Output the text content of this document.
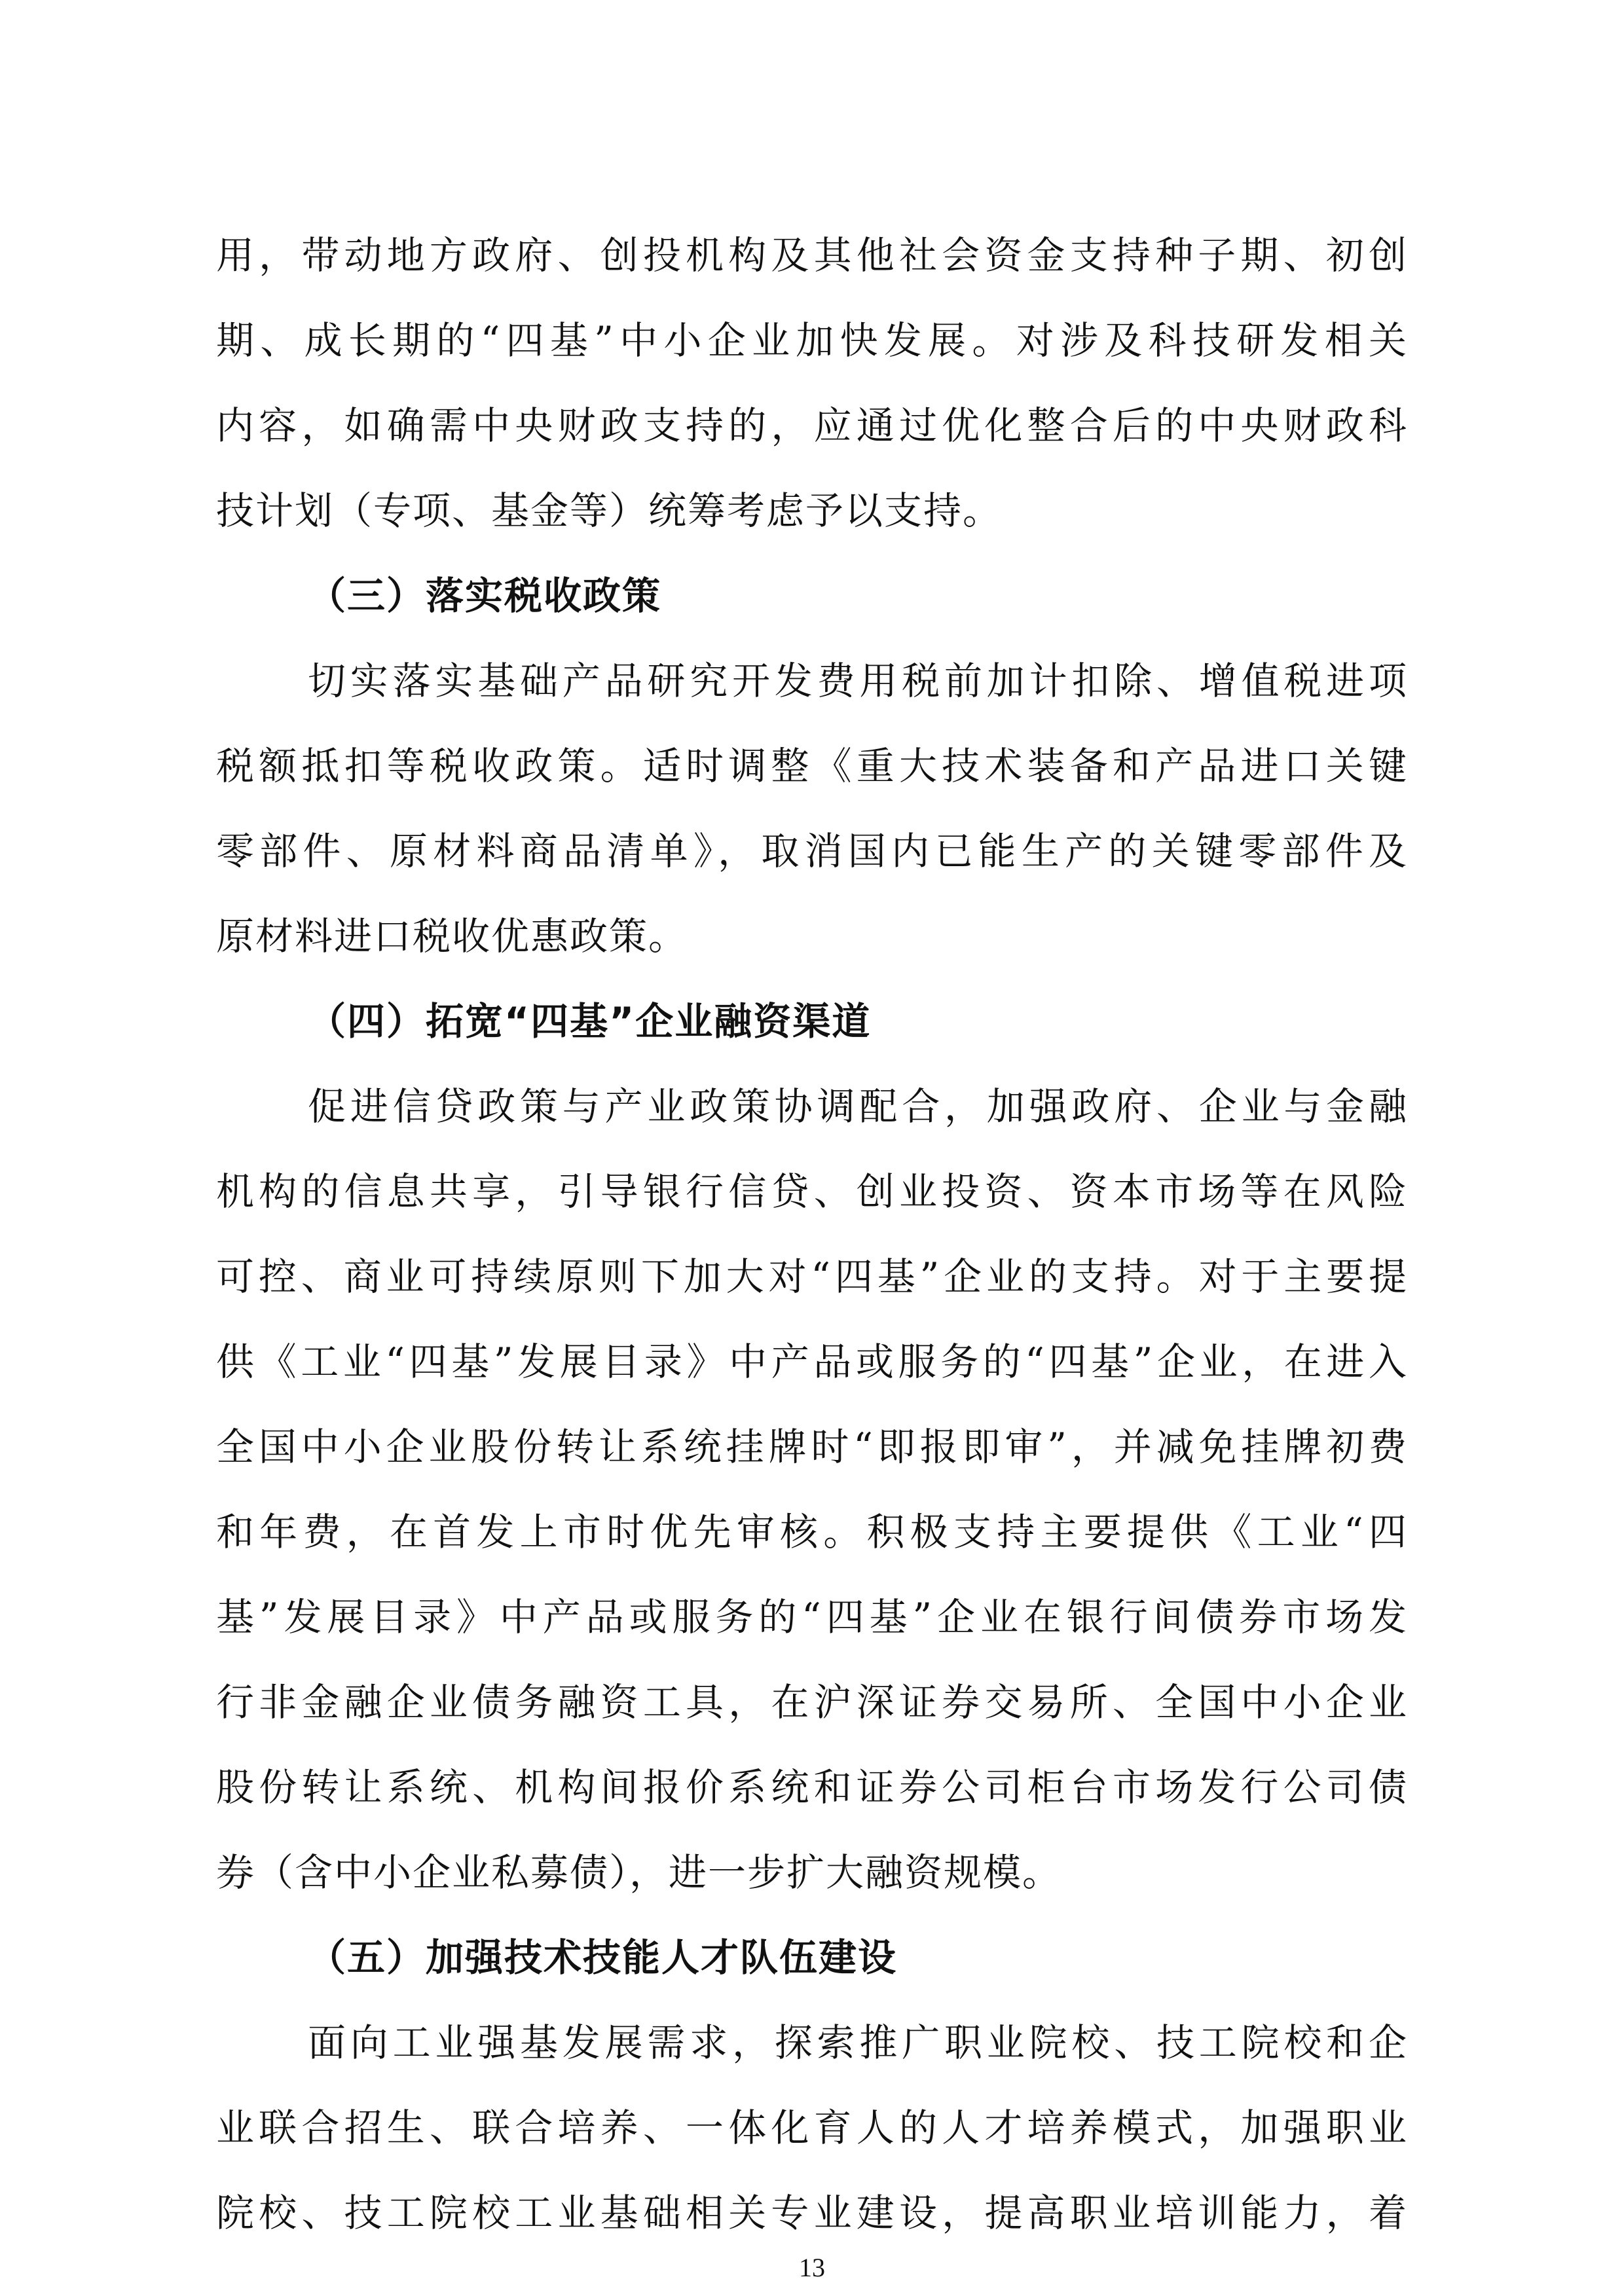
用，带动地方政府、创投机构及其他社会资金支持种子期、初创
期、成长期的“四基”中小企业加快发展。对涉及科技研发相关
内容，如确需中央财政支持的，应通过优化整合后的中央财政科
技计划（专项、基金等）统筹考虑予以支持。
（三）落实税收政策
切实落实基础产品研究开发费用税前加计扣除、增值税进项
税额抵扣等税收政策。适时调整《重大技术装备和产品进口关键
零部件、原材料商品清单》，取消国内已能生产的关键零部件及
原材料进口税收优惠政策。
（四）拓宽“四基”企业融资渠道
促进信贷政策与产业政策协调配合，加强政府、企业与金融
机构的信息共享，引导银行信贷、创业投资、资本市场等在风险
可控、商业可持续原则下加大对“四基”企业的支持。对于主要提
供《工业“四基”发展目录》中产品或服务的“四基”企业，在进入
全国中小企业股份转让系统挂牌时“即报即审”，并减免挂牌初费
和年费，在首发上市时优先审核。积极支持主要提供《工业“四
基”发展目录》中产品或服务的“四基”企业在银行间债券市场发
行非金融企业债务融资工具，在沪深证券交易所、全国中小企业
股份转让系统、机构间报价系统和证券公司柜台市场发行公司债
券（含中小企业私募债），进一步扩大融资规模。
（五）加强技术技能人才队伍建设
面向工业强基发展需求，探索推广职业院校、技工院校和企
业联合招生、联合培养、一体化育人的人才培养模式，加强职业
院校、技工院校工业基础相关专业建设，提高职业培训能力，着
13
